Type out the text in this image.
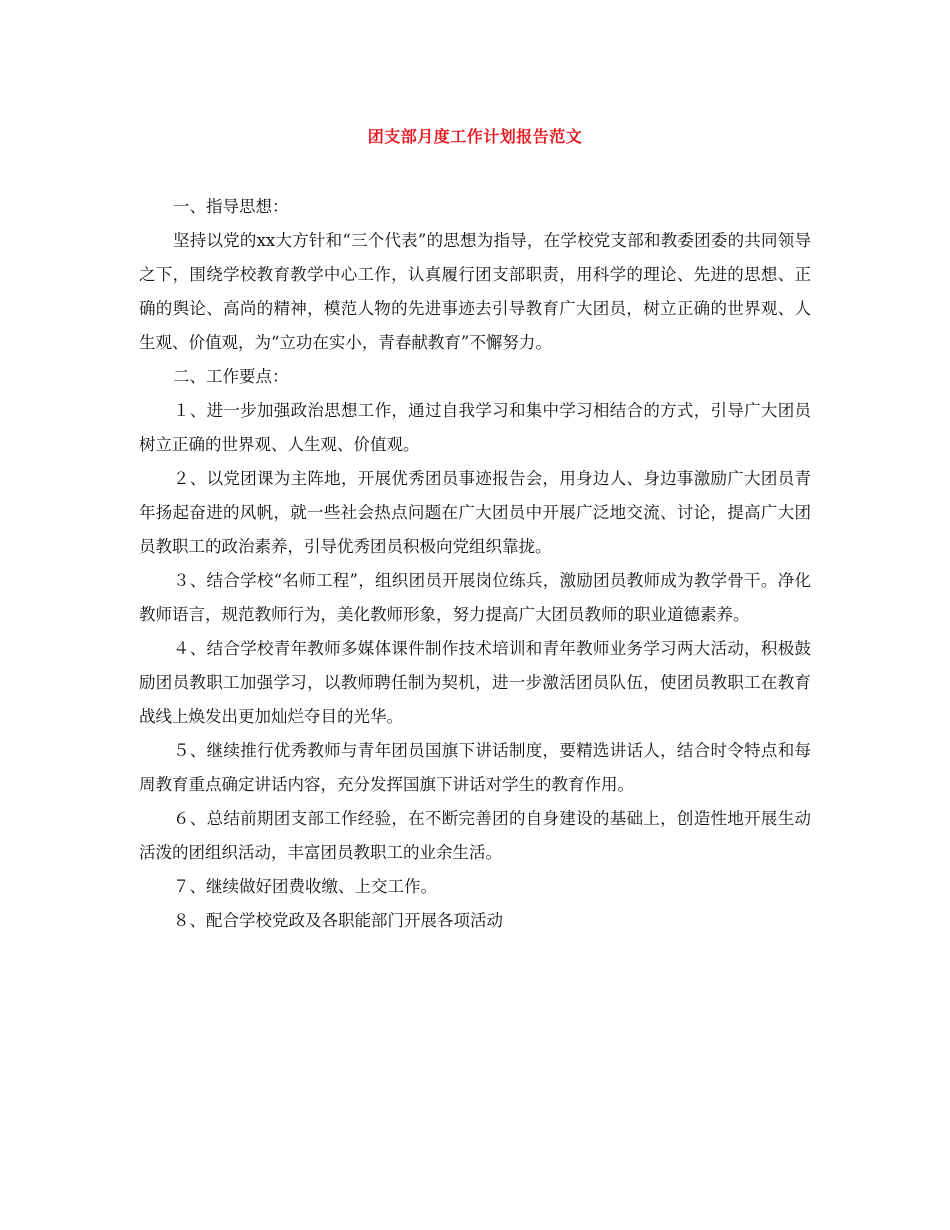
团支部月度工作计划报告范文

一、指导思想：

坚持以党的xx大方针和“三个代表”的思想为指导，在学校党支部和教委团委的共同领导之下，围绕学校教育教学中心工作，认真履行团支部职责，用科学的理论、先进的思想、正确的舆论、高尚的精神，模范人物的先进事迹去引导教育广大团员，树立正确的世界观、人生观、价值观，为“立功在实小，青春献教育”不懈努力。

二、工作要点：

１、进一步加强政治思想工作，通过自我学习和集中学习相结合的方式，引导广大团员树立正确的世界观、人生观、价值观。

２、以党团课为主阵地，开展优秀团员事迹报告会，用身边人、身边事激励广大团员青年扬起奋进的风帆，就一些社会热点问题在广大团员中开展广泛地交流、讨论，提高广大团员教职工的政治素养，引导优秀团员积极向党组织靠拢。

３、结合学校“名师工程”，组织团员开展岗位练兵，激励团员教师成为教学骨干。净化教师语言，规范教师行为，美化教师形象，努力提高广大团员教师的职业道德素养。

４、结合学校青年教师多媒体课件制作技术培训和青年教师业务学习两大活动，积极鼓励团员教职工加强学习，以教师聘任制为契机，进一步激活团员队伍，使团员教职工在教育战线上焕发出更加灿烂夺目的光华。

５、继续推行优秀教师与青年团员国旗下讲话制度，要精选讲话人，结合时令特点和每周教育重点确定讲话内容，充分发挥国旗下讲话对学生的教育作用。

６、总结前期团支部工作经验，在不断完善团的自身建设的基础上，创造性地开展生动活泼的团组织活动，丰富团员教职工的业余生活。

７、继续做好团费收缴、上交工作。

８、配合学校党政及各职能部门开展各项活动
